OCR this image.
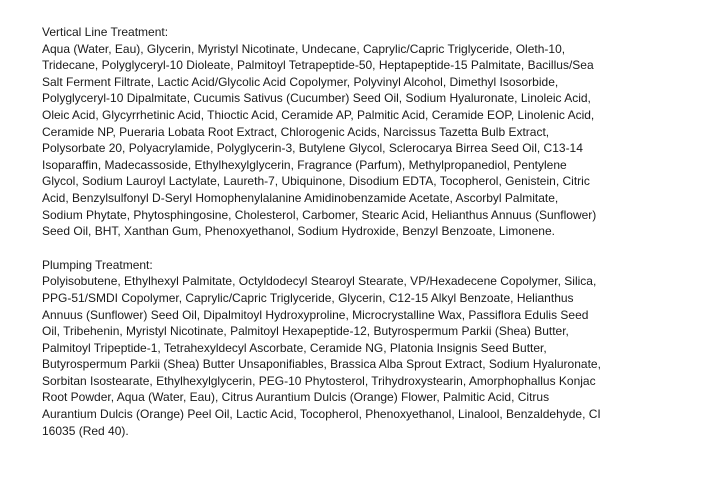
Vertical Line Treatment:
Aqua (Water, Eau), Glycerin, Myristyl Nicotinate, Undecane, Caprylic/Capric Triglyceride, Oleth-10,
Tridecane, Polyglyceryl-10 Dioleate, Palmitoyl Tetrapeptide-50, Heptapeptide-15 Palmitate, Bacillus/Sea
Salt Ferment Filtrate, Lactic Acid/Glycolic Acid Copolymer, Polyvinyl Alcohol, Dimethyl Isosorbide,
Polyglyceryl-10 Dipalmitate, Cucumis Sativus (Cucumber) Seed Oil, Sodium Hyaluronate, Linoleic Acid,
Oleic Acid, Glycyrrhetinic Acid, Thioctic Acid, Ceramide AP, Palmitic Acid, Ceramide EOP, Linolenic Acid,
Ceramide NP, Pueraria Lobata Root Extract, Chlorogenic Acids, Narcissus Tazetta Bulb Extract,
Polysorbate 20, Polyacrylamide, Polyglycerin-3, Butylene Glycol, Sclerocarya Birrea Seed Oil, C13-14
Isoparaffin, Madecassoside, Ethylhexylglycerin, Fragrance (Parfum), Methylpropanediol, Pentylene
Glycol, Sodium Lauroyl Lactylate, Laureth-7, Ubiquinone, Disodium EDTA, Tocopherol, Genistein, Citric
Acid, Benzylsulfonyl D-Seryl Homophenylalanine Amidinobenzamide Acetate, Ascorbyl Palmitate,
Sodium Phytate, Phytosphingosine, Cholesterol, Carbomer, Stearic Acid, Helianthus Annuus (Sunflower)
Seed Oil, BHT, Xanthan Gum, Phenoxyethanol, Sodium Hydroxide, Benzyl Benzoate, Limonene.
Plumping Treatment:
Polyisobutene, Ethylhexyl Palmitate, Octyldodecyl Stearoyl Stearate, VP/Hexadecene Copolymer, Silica,
PPG-51/SMDI Copolymer, Caprylic/Capric Triglyceride, Glycerin, C12-15 Alkyl Benzoate, Helianthus
Annuus (Sunflower) Seed Oil, Dipalmitoyl Hydroxyproline, Microcrystalline Wax, Passiflora Edulis Seed
Oil, Tribehenin, Myristyl Nicotinate, Palmitoyl Hexapeptide-12, Butyrospermum Parkii (Shea) Butter,
Palmitoyl Tripeptide-1, Tetrahexyldecyl Ascorbate, Ceramide NG, Platonia Insignis Seed Butter,
Butyrospermum Parkii (Shea) Butter Unsaponifiables, Brassica Alba Sprout Extract, Sodium Hyaluronate,
Sorbitan Isostearate, Ethylhexylglycerin, PEG-10 Phytosterol, Trihydroxystearin, Amorphophallus Konjac
Root Powder, Aqua (Water, Eau), Citrus Aurantium Dulcis (Orange) Flower, Palmitic Acid, Citrus
Aurantium Dulcis (Orange) Peel Oil, Lactic Acid, Tocopherol, Phenoxyethanol, Linalool, Benzaldehyde, CI
16035 (Red 40).
